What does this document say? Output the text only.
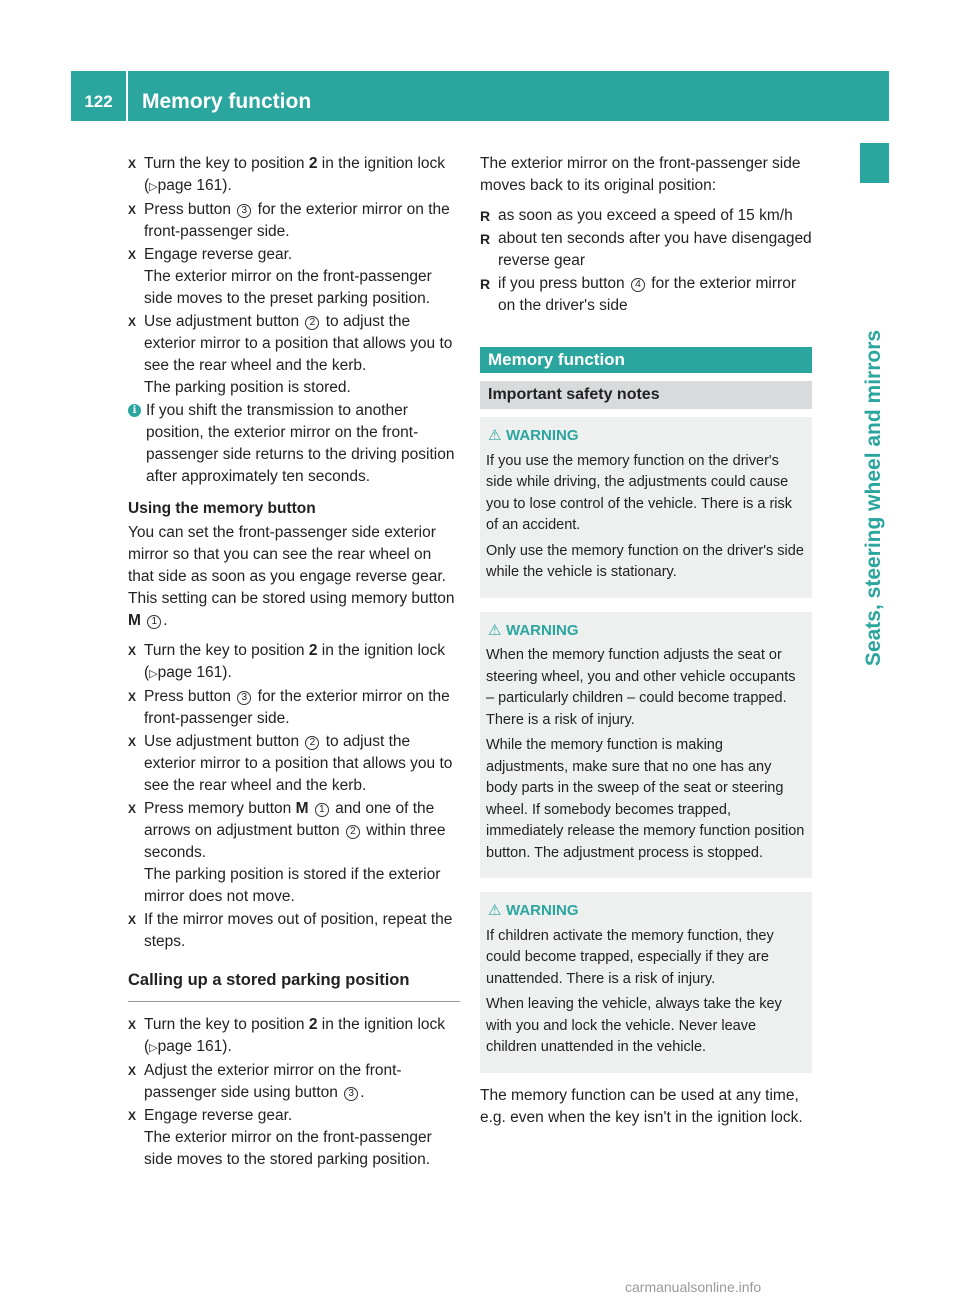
122	Memory function
Seats, steering wheel and mirrors
X Turn the key to position 2 in the ignition lock (▷page 161).
X Press button 3 for the exterior mirror on the front-passenger side.
X Engage reverse gear.
The exterior mirror on the front-passenger side moves to the preset parking position.
X Use adjustment button 2 to adjust the exterior mirror to a position that allows you to see the rear wheel and the kerb.
The parking position is stored.
i If you shift the transmission to another position, the exterior mirror on the front-passenger side returns to the driving position after approximately ten seconds.
Using the memory button
You can set the front-passenger side exterior mirror so that you can see the rear wheel on that side as soon as you engage reverse gear. This setting can be stored using memory button M 1 .
X Turn the key to position 2 in the ignition lock (▷page 161).
X Press button 3 for the exterior mirror on the front-passenger side.
X Use adjustment button 2 to adjust the exterior mirror to a position that allows you to see the rear wheel and the kerb.
X Press memory button M 1 and one of the arrows on adjustment button 2 within three seconds.
The parking position is stored if the exterior mirror does not move.
X If the mirror moves out of position, repeat the steps.
Calling up a stored parking position
X Turn the key to position 2 in the ignition lock (▷page 161).
X Adjust the exterior mirror on the front-passenger side using button 3 .
X Engage reverse gear.
The exterior mirror on the front-passenger side moves to the stored parking position.
The exterior mirror on the front-passenger side moves back to its original position:
R as soon as you exceed a speed of 15 km/h
R about ten seconds after you have disengaged reverse gear
R if you press button 4 for the exterior mirror on the driver's side
Memory function
Important safety notes
⚠ WARNING
If you use the memory function on the driver's side while driving, the adjustments could cause you to lose control of the vehicle. There is a risk of an accident.
Only use the memory function on the driver's side while the vehicle is stationary.
⚠ WARNING
When the memory function adjusts the seat or steering wheel, you and other vehicle occupants – particularly children – could become trapped. There is a risk of injury.
While the memory function is making adjustments, make sure that no one has any body parts in the sweep of the seat or steering wheel. If somebody becomes trapped, immediately release the memory function position button. The adjustment process is stopped.
⚠ WARNING
If children activate the memory function, they could become trapped, especially if they are unattended. There is a risk of injury.
When leaving the vehicle, always take the key with you and lock the vehicle. Never leave children unattended in the vehicle.
The memory function can be used at any time, e.g. even when the key isn't in the ignition lock.
carmanualsonline.info
